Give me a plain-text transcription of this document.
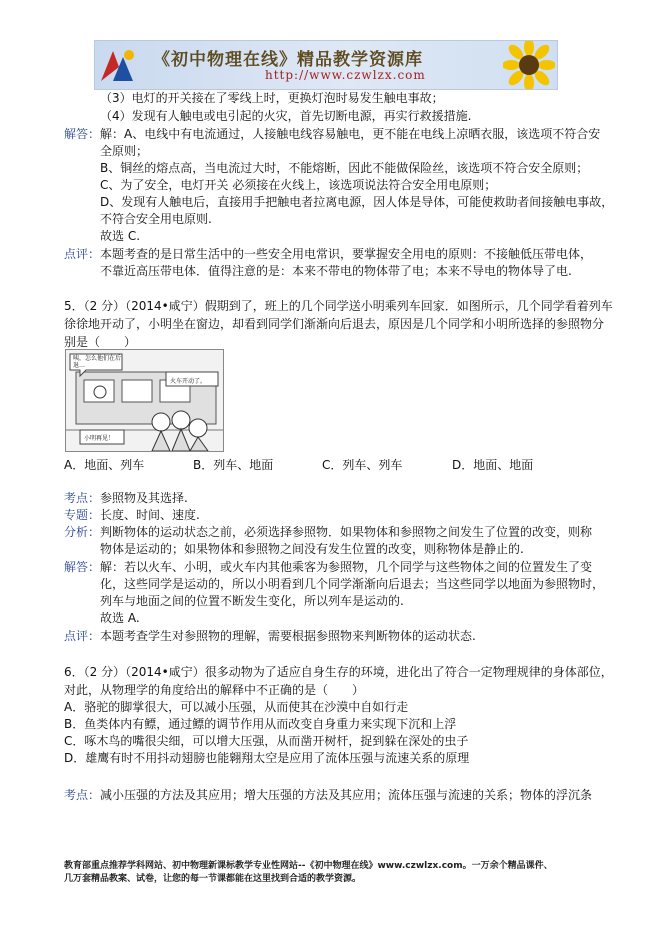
《初中物理在线》精品教学资源库
http://www.czwlzx.com
（3）电灯的开关接在了零线上时，更换灯泡时易发生触电事故；
（4）发现有人触电或电引起的火灾，首先切断电源，再实行救援措施.
解答： 解：A、电线中有电流通过，人接触电线容易触电，更不能在电线上凉晒衣服，该选项不符合安
全原则；
B、铜丝的熔点高，当电流过大时，不能熔断，因此不能做保险丝，该选项不符合安全原则；
C、为了安全，电灯开关 必须接在火线上，该选项说法符合安全用电原则；
D、发现有人触电后，直接用手把触电者拉离电源，因人体是导体，可能使救助者间接触电事故，
不符合安全用电原则.
故选 C.
点评： 本题考查的是日常生活中的一些安全用电常识，要掌握安全用电的原则：不接触低压带电体，
不靠近高压带电体．值得注意的是：本来不带电的物体带了电；本来不导电的物体导了电.
5．（2 分）（2014•咸宁）假期到了，班上的几个同学送小明乘列车回家．如图所示，几个同学看着列车
徐徐地开动了，小明坐在窗边，却看到同学们渐渐向后退去，原因是几个同学和小明所选择的参照物分
别是（　　）
咦，怎么他们在后退…
火车开动了。
小明再见！
A．地面、列车	B．列车、地面	C．列车、列车	D．地面、地面
考点： 参照物及其选择.
专题： 长度、时间、速度.
分析： 判断物体的运动状态之前，必须选择参照物．如果物体和参照物之间发生了位置的改变，则称
物体是运动的；如果物体和参照物之间没有发生位置的改变，则称物体是静止的.
解答： 解：若以火车、小明，或火车内其他乘客为参照物，几个同学与这些物体之间的位置发生了变
化，这些同学是运动的，所以小明看到几个同学渐渐向后退去；当这些同学以地面为参照物时，
列车与地面之间的位置不断发生变化，所以列车是运动的.
故选 A.
点评： 本题考查学生对参照物的理解，需要根据参照物来判断物体的运动状态.
6．（2 分）（2014•咸宁）很多动物为了适应自身生存的环境，进化出了符合一定物理规律的身体部位，
对此，从物理学的角度给出的解释中不正确的是（　　）
A．骆驼的脚掌很大，可以减小压强，从而使其在沙漠中自如行走
B．鱼类体内有鳔，通过鳔的调节作用从而改变自身重力来实现下沉和上浮
C．啄木鸟的嘴很尖细，可以增大压强，从而凿开树杆，捉到躲在深处的虫子
D．雄鹰有时不用抖动翅膀也能翱翔太空是应用了流体压强与流速关系的原理
考点： 减小压强的方法及其应用；增大压强的方法及其应用；流体压强与流速的关系；物体的浮沉条
教育部重点推荐学科网站、初中物理新课标教学专业性网站--《初中物理在线》www.czwlzx.com。一万余个精品课件、
几万套精品教案、试卷，让您的每一节课都能在这里找到合适的教学资源。
